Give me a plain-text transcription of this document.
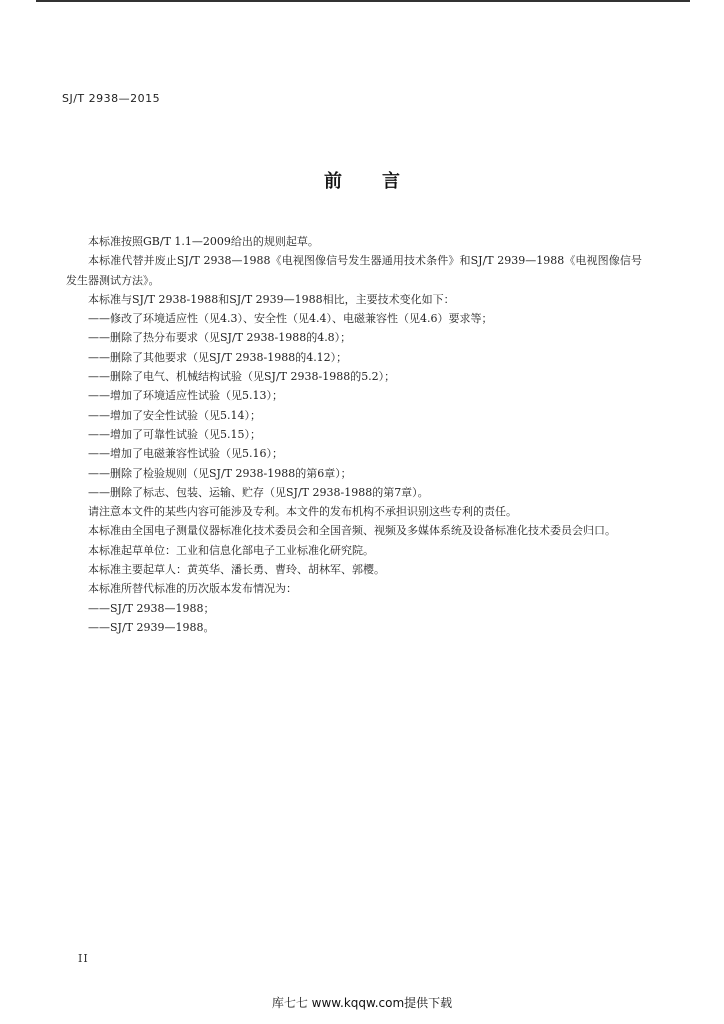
SJ/T 2938—2015
前言

本标准按照GB/T 1.1—2009给出的规则起草。

本标准代替并废止SJ/T 2938—1988《电视图像信号发生器通用技术条件》和SJ/T 2939—1988《电视图像信号发生器测试方法》。

本标准与SJ/T 2938-1988和SJ/T 2939—1988相比，主要技术变化如下：

——修改了环境适应性（见4.3）、安全性（见4.4）、电磁兼容性（见4.6）要求等；

——删除了热分布要求（见SJ/T 2938-1988的4.8）；

——删除了其他要求（见SJ/T 2938-1988的4.12）；

——删除了电气、机械结构试验（见SJ/T 2938-1988的5.2）；

——增加了环境适应性试验（见5.13）；

——增加了安全性试验（见5.14）；

——增加了可靠性试验（见5.15）；

——增加了电磁兼容性试验（见5.16）；

——删除了检验规则（见SJ/T 2938-1988的第6章）；

——删除了标志、包装、运输、贮存（见SJ/T 2938-1988的第7章）。

请注意本文件的某些内容可能涉及专利。本文件的发布机构不承担识别这些专利的责任。

本标准由全国电子测量仪器标准化技术委员会和全国音频、视频及多媒体系统及设备标准化技术委员会归口。

本标准起草单位：工业和信息化部电子工业标准化研究院。

本标准主要起草人：黄英华、潘长勇、曹玲、胡林军、郭樱。

本标准所替代标准的历次版本发布情况为：

——SJ/T 2938—1988；

——SJ/T 2939—1988。

II
库七七 www.kqqw.com提供下载
